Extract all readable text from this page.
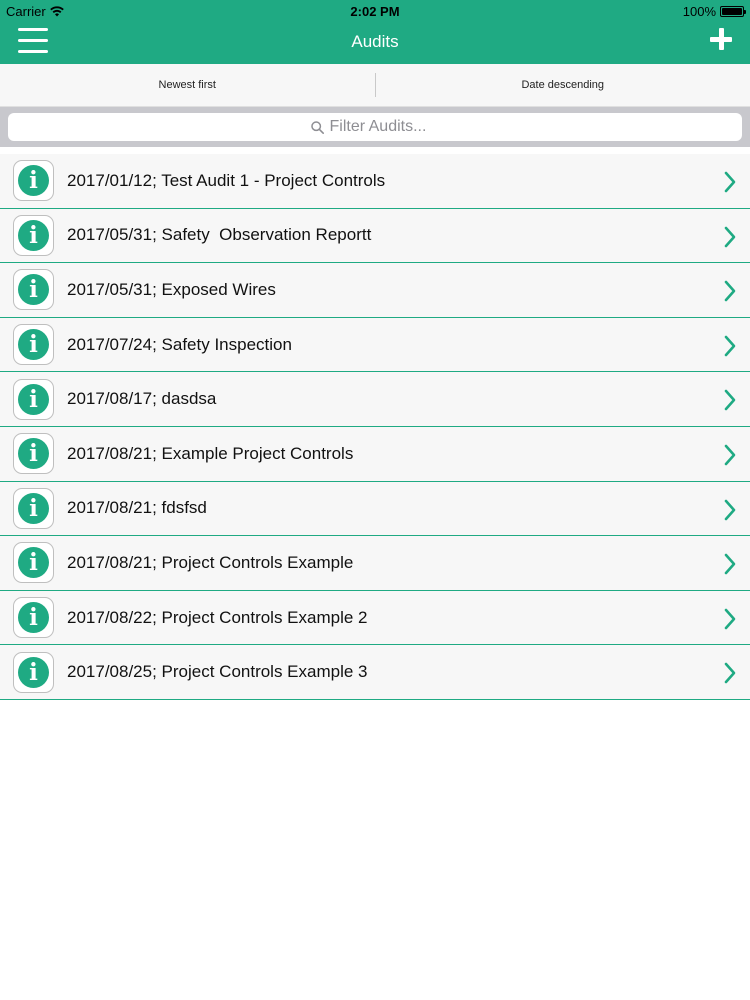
Carrier	2:02 PM	100%
Audits
Newest first	Date descending
Filter Audits...
i	2017/01/12; Test Audit 1 - Project Controls
i	2017/05/31; Safety  Observation Reportt
i	2017/05/31; Exposed Wires
i	2017/07/24; Safety Inspection
i	2017/08/17; dasdsa
i	2017/08/21; Example Project Controls
i	2017/08/21; fdsfsd
i	2017/08/21; Project Controls Example
i	2017/08/22; Project Controls Example 2
i	2017/08/25; Project Controls Example 3
